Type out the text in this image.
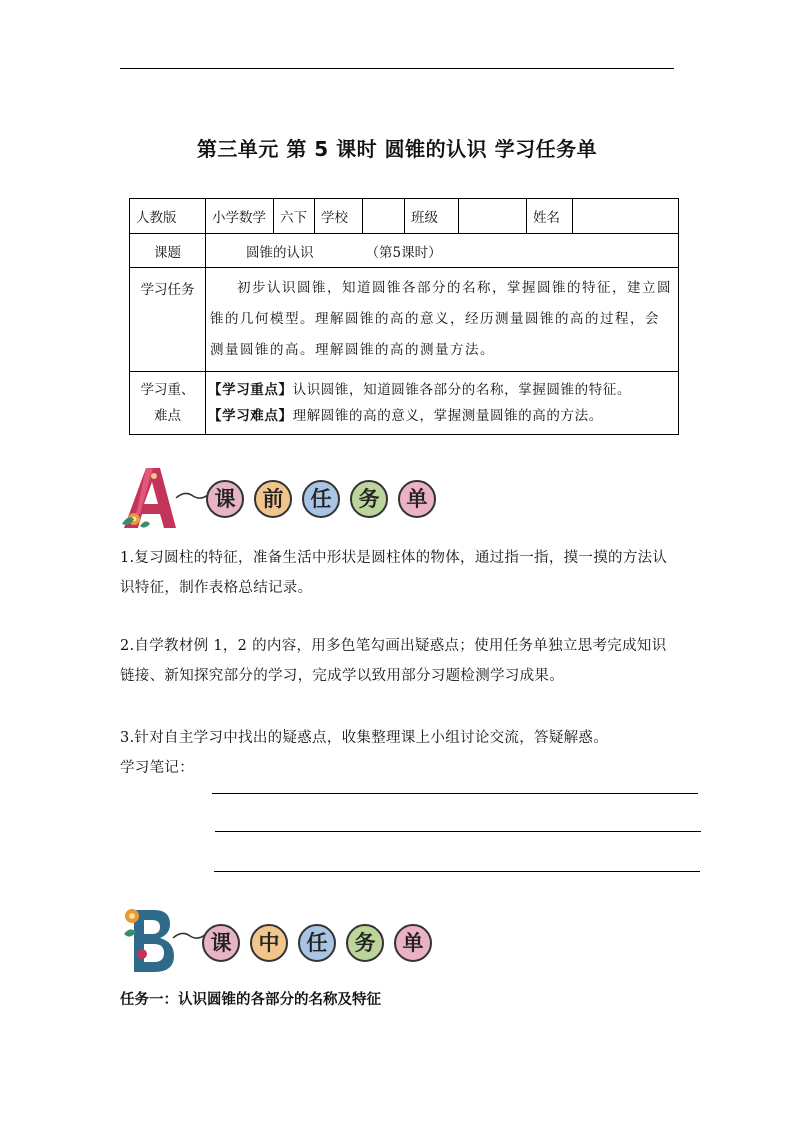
第三单元 第 5 课时 圆锥的认识 学习任务单
人教版	小学数学	六下	学校		班级		姓名	
课题	圆锥的认识 （第5课时）							
学习任务	初步认识圆锥，知道圆锥各部分的名称，掌握圆锥的特征，建立圆锥的几何模型。理解圆锥的高的意义，经历测量圆锥的高的过程，会测量圆锥的高。理解圆锥的高的测量方法。							
学习重、难点	【学习重点】认识圆锥，知道圆锥各部分的名称，掌握圆锥的特征。
【学习难点】理解圆锥的高的意义，掌握测量圆锥的高的方法。							
课	前	任	务	单
1.复习圆柱的特征，准备生活中形状是圆柱体的物体，通过指一指，摸一摸的方法认识特征，制作表格总结记录。
2.自学教材例 1，2 的内容，用多色笔勾画出疑惑点；使用任务单独立思考完成知识链接、新知探究部分的学习，完成学以致用部分习题检测学习成果。
3.针对自主学习中找出的疑惑点，收集整理课上小组讨论交流，答疑解惑。
学习笔记：
课	中	任	务	单
任务一：认识圆锥的各部分的名称及特征
